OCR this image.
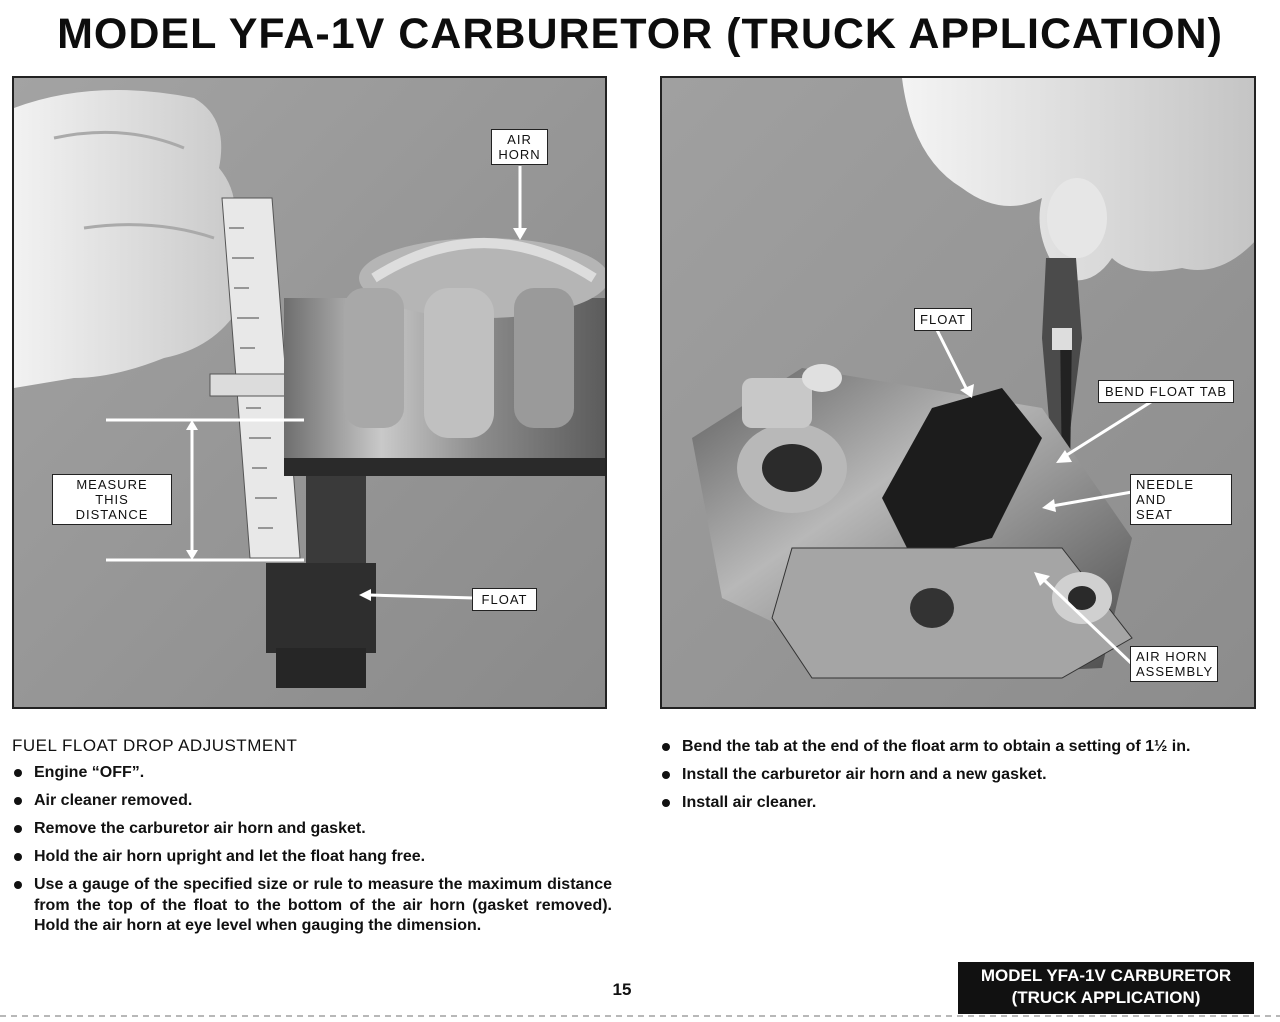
MODEL YFA-1V CARBURETOR (TRUCK APPLICATION)
AIR
HORN
MEASURE THIS
DISTANCE
FLOAT
FLOAT
BEND FLOAT TAB
NEEDLE AND
SEAT
AIR HORN
ASSEMBLY
FUEL FLOAT DROP ADJUSTMENT
Engine “OFF”.
Air cleaner removed.
Remove the carburetor air horn and gasket.
Hold the air horn upright and let the float hang free.
Use a gauge of the specified size or rule to measure the maximum distance from the top of the float to the bottom of the air horn (gasket removed). Hold the air horn at eye level when gauging the dimension.
Bend the tab at the end of the float arm to obtain a setting of 1½ in.
Install the carburetor air horn and a new gasket.
Install air cleaner.
15
MODEL YFA-1V CARBURETOR
(TRUCK APPLICATION)
